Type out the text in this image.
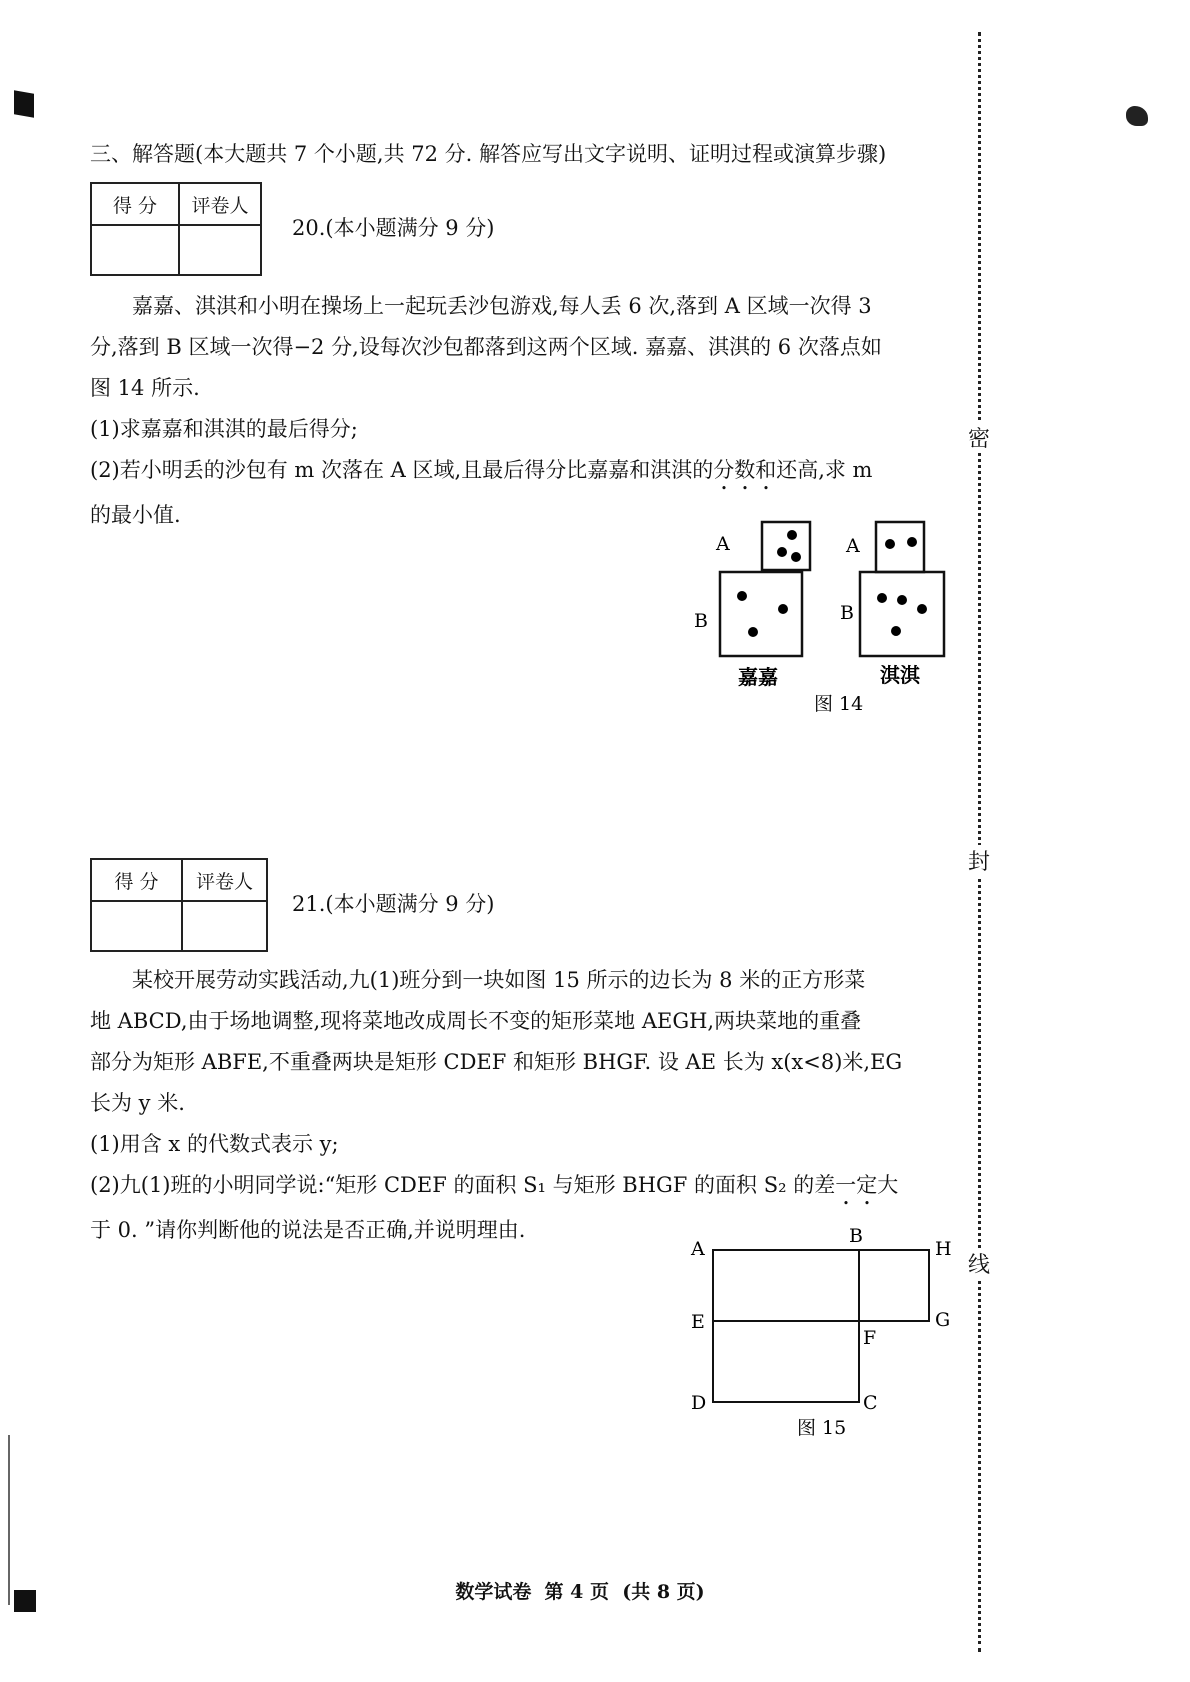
密
封
线
三、解答题(本大题共 7 个小题,共 72 分. 解答应写出文字说明、证明过程或演算步骤)
得 分	评卷人

20.(本小题满分 9 分)

嘉嘉、淇淇和小明在操场上一起玩丢沙包游戏,每人丢 6 次,落到 A 区域一次得 3

分,落到 B 区域一次得−2 分,设每次沙包都落到这两个区域. 嘉嘉、淇淇的 6 次落点如

图 14 所示.

(1)求嘉嘉和淇淇的最后得分;

(2)若小明丢的沙包有 m 次落在 A 区域,且最后得分比嘉嘉和淇淇的分数和还高,求 m

的最小值.

A
B
嘉嘉
A
B
淇淇
图 14
得 分	评卷人

21.(本小题满分 9 分)

某校开展劳动实践活动,九(1)班分到一块如图 15 所示的边长为 8 米的正方形菜

地 ABCD,由于场地调整,现将菜地改成周长不变的矩形菜地 AEGH,两块菜地的重叠

部分为矩形 ABFE,不重叠两块是矩形 CDEF 和矩形 BHGF. 设 AE 长为 x(x<8)米,EG

长为 y 米.

(1)用含 x 的代数式表示 y;

(2)九(1)班的小明同学说:“矩形 CDEF 的面积 S₁ 与矩形 BHGF 的面积 S₂ 的差一定大

于 0. ”请你判断他的说法是否正确,并说明理由.

A
B
H
E	G
F
D	C
图 15
数学试卷  第 4 页  (共 8 页)
